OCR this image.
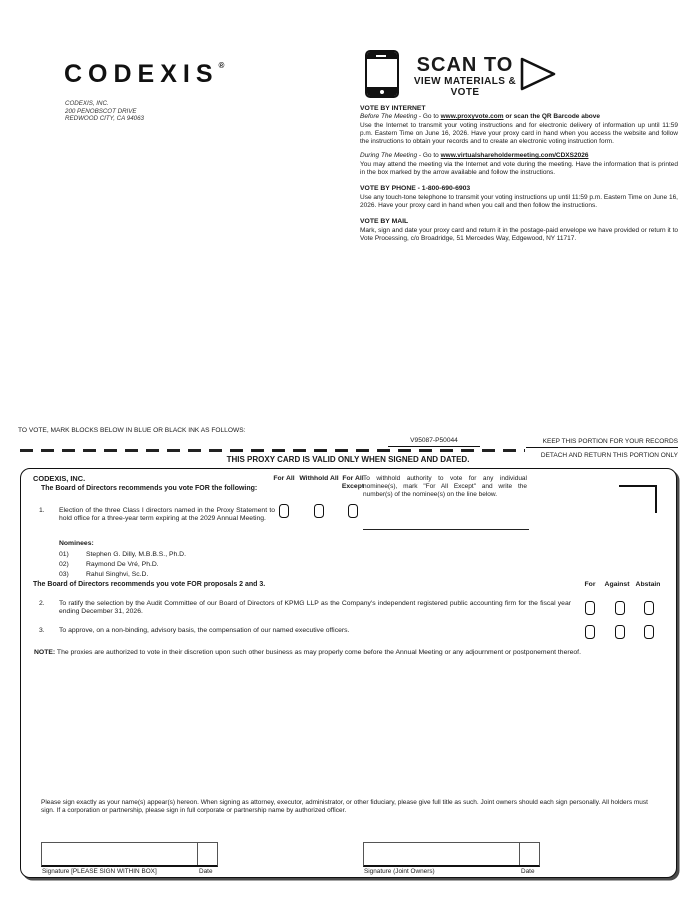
CODEXIS®
CODEXIS, INC.
200 PENOBSCOT DRIVE
REDWOOD CITY, CA 94063
SCAN TO
VIEW MATERIALS & VOTE
VOTE BY INTERNET
Before The Meeting - Go to www.proxyvote.com or scan the QR Barcode above
Use the Internet to transmit your voting instructions and for electronic delivery of information up until 11:59 p.m. Eastern Time on June 16, 2026. Have your proxy card in hand when you access the website and follow the instructions to obtain your records and to create an electronic voting instruction form.
During The Meeting - Go to www.virtualshareholdermeeting.com/CDXS2026
You may attend the meeting via the Internet and vote during the meeting. Have the information that is printed in the box marked by the arrow available and follow the instructions.
VOTE BY PHONE - 1-800-690-6903
Use any touch-tone telephone to transmit your voting instructions up until 11:59 p.m. Eastern Time on June 16, 2026. Have your proxy card in hand when you call and then follow the instructions.
VOTE BY MAIL
Mark, sign and date your proxy card and return it in the postage-paid envelope we have provided or return it to Vote Processing, c/o Broadridge, 51 Mercedes Way, Edgewood, NY 11717.
TO VOTE, MARK BLOCKS BELOW IN BLUE OR BLACK INK AS FOLLOWS:
V95087-P50044	KEEP THIS PORTION FOR YOUR RECORDS
THIS PROXY CARD IS VALID ONLY WHEN SIGNED AND DATED.	DETACH AND RETURN THIS PORTION ONLY
CODEXIS, INC.
The Board of Directors recommends you vote FOR the following:
For All Withhold All For All Except
To withhold authority to vote for any individual nominee(s), mark "For All Except" and write the number(s) of the nominee(s) on the line below.
1. Election of the three Class I directors named in the Proxy Statement to hold office for a three-year term expiring at the 2029 Annual Meeting.
Nominees:
01)	Stephen G. Dilly, M.B.B.S., Ph.D.
02)	Raymond De Vré, Ph.D.
03)	Rahul Singhvi, Sc.D.
The Board of Directors recommends you vote FOR proposals 2 and 3.	For	Against Abstain
2. To ratify the selection by the Audit Committee of our Board of Directors of KPMG LLP as the Company's independent registered public accounting firm for the fiscal year ending December 31, 2026.
3. To approve, on a non-binding, advisory basis, the compensation of our named executive officers.
NOTE: The proxies are authorized to vote in their discretion upon such other business as may properly come before the Annual Meeting or any adjournment or postponement thereof.
Please sign exactly as your name(s) appear(s) hereon. When signing as attorney, executor, administrator, or other fiduciary, please give full title as such. Joint owners should each sign personally. All holders must sign. If a corporation or partnership, please sign in full corporate or partnership name by authorized officer.
Signature [PLEASE SIGN WITHIN BOX]	Date	Signature (Joint Owners)	Date
